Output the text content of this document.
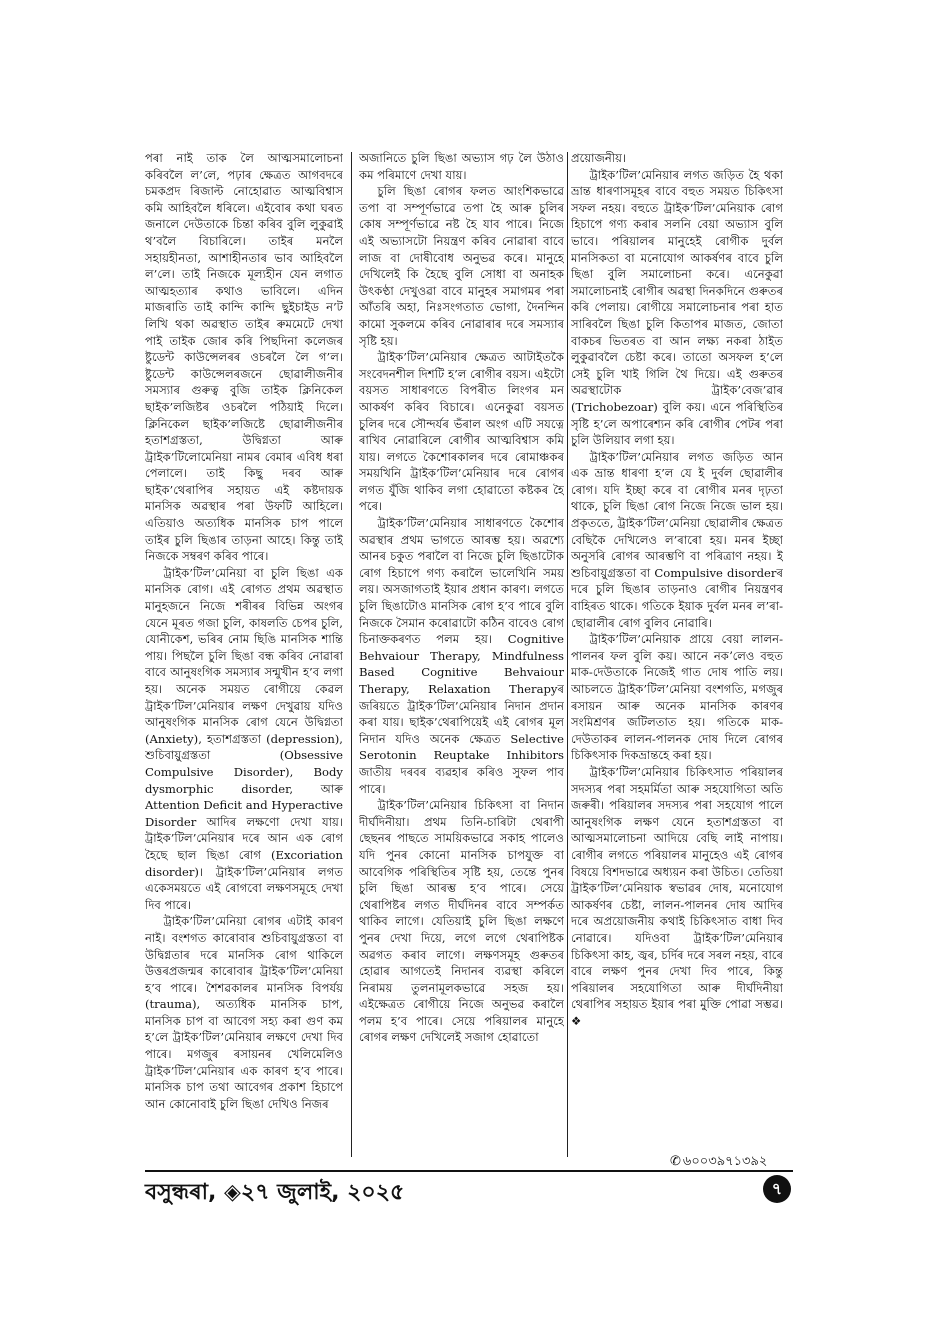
পৰা নাই তাক লৈ আত্মসমালোচনা কৰিবলৈ ল’লে, পঢ়াৰ ক্ষেত্ৰত আগবদৰে চমকপ্ৰদ ৰিজাল্ট নোহোৱাত আত্মবিশ্বাস কমি আহিবলৈ ধৰিলে। এইবোৰ কথা ঘৰত জনালে দেউতাকে চিন্তা কৰিব বুলি লুকুৱাই থ’বলৈ বিচাৰিলে। তাইৰ মনলৈ সহায়হীনতা, আশাহীনতাৰ ভাব আহিবলৈ ল’লে। তাই নিজকে মূল্যহীন যেন লগাত আত্মহত্যাৰ কথাও ভাবিলে। এদিন মাজৰাতি তাই কান্দি কান্দি ছুইচাইড ন’ট লিখি থকা অৱস্থাত তাইৰ ৰুমমেটে দেখা পাই তাইক জোৰ কৰি পিছদিনা কলেজৰ ষ্টুডেন্ট কাউন্সেলৰৰ ওচৰলৈ লৈ গ’ল। ষ্টুডেন্ট কাউন্সেলৰজনে ছোৱালীজনীৰ সমস্যাৰ গুৰুত্ব বুজি তাইক ক্লিনিকেল ছাইক’লজিষ্টৰ ওচৰলৈ পঠিয়াই দিলে। ক্লিনিকেল ছাইক’লজিষ্টে ছোৱালীজনীৰ হতাশগ্ৰস্ততা, উদ্বিগ্নতা আৰু ট্ৰাইক’টিলোমেনিয়া নামৰ বেমাৰ এবিধ ধৰা পেলালে। তাই কিছু দৰব আৰু ছাইক’থেৰাপিৰ সহায়ত এই কষ্টদায়ক মানসিক অৱস্থাৰ পৰা উফটি আহিলে। এতিয়াও অত্যধিক মানসিক চাপ পালে তাইৰ চুলি ছিঙাৰ তাড়না আহে। কিন্তু তাই নিজকে সম্বৰণ কৰিব পাৰে।

ট্ৰাইক’টিল’মেনিয়া বা চুলি ছিঙা এক মানসিক ৰোগ। এই ৰোগত প্ৰথম অৱস্থাত মানুহজনে নিজে শৰীৰৰ বিভিন্ন অংগৰ যেনে মূৰত গজা চুলি, কাষলতি চেপৰ চুলি, যোনীকেশ, ভৰিৰ নোম ছিঙি মানসিক শান্তি পায়। পিছলৈ চুলি ছিঙা বন্ধ কৰিব নোৱাৰা বাবে আনুষংগিক সমস্যাৰ সন্মুখীন হ’ব লগা হয়। অনেক সময়ত ৰোগীয়ে কেৱল ট্ৰাইক’টিল’মেনিয়াৰ লক্ষণ দেখুৱায় যদিও আনুষংগিক মানসিক ৰোগ যেনে উদ্বিগ্নতা (Anxiety), হতাশগ্ৰস্ততা (depression), শুচিবায়ুগ্ৰস্ততা (Obsessive Compulsive Disorder), Body dysmorphic disorder, আৰু Attention Deficit and Hyperactive Disorder আদিৰ লক্ষণো দেখা যায়। ট্ৰাইক’টিল’মেনিয়াৰ দৰে আন এক ৰোগ হৈছে ছাল ছিঙা ৰোগ (Excoriation disorder)। ট্ৰাইক’টিল’মেনিয়াৰ লগত একেসময়তে এই ৰোগবো লক্ষণসমূহে দেখা দিব পাৰে।

ট্ৰাইক’টিল’মেনিয়া ৰোগৰ এটাই কাৰণ নাই। বংশগত কাৰোবাৰ শুচিবায়ুগ্ৰস্ততা বা উদ্বিগ্নতাৰ দৰে মানসিক ৰোগ থাকিলে উত্তৰপ্ৰজন্মৰ কাৰোবাৰ ট্ৰাইক’টিল’মেনিয়া হ’ব পাৰে। শৈশৱকালৰ মানসিক বিপৰ্যয় (trauma), অত্যধিক মানসিক চাপ, মানসিক চাপ বা আবেগ সহ্য কৰা গুণ কম হ’লে ট্ৰাইক’টিল’মেনিয়াৰ লক্ষণে দেখা দিব পাৰে। মগজুৰ ৰসায়নৰ খেলিমেলিও ট্ৰাইক’টিল’মেনিয়াৰ এক কাৰণ হ’ব পাৰে। মানসিক চাপ তথা আবেগৰ প্ৰকাশ হিচাপে আন কোনোবাই চুলি ছিঙা দেখিও নিজৰ

অজানিতে চুলি ছিঙা অভ্যাস গঢ় লৈ উঠাও কম পৰিমাণে দেখা যায়।

চুলি ছিঙা ৰোগৰ ফলত আংশিকভাৱে তপা বা সম্পূৰ্ণভাৱে তপা হৈ আৰু চুলিৰ কোষ সম্পূৰ্ণভাৱে নষ্ট হৈ যাব পাৰে। নিজে এই অভ্যাসটো নিয়ন্ত্ৰণ কৰিব নোৱাৰা বাবে লাজ বা দোষীবোধ অনুভৱ কৰে। মানুহে দেখিলেই কি হৈছে বুলি সোধা বা অনাহক উৎকণ্ঠা দেখুওৱা বাবে মানুহৰ সমাগমৰ পৰা আঁতৰি অহা, নিঃসংগতাত ভোগা, দৈনন্দিন কামো সুকলমে কৰিব নোৱাৰাৰ দৰে সমস্যাৰ সৃষ্টি হয়।

ট্ৰাইক’টিল’মেনিয়াৰ ক্ষেত্ৰত আটাইতকৈ সংবেদনশীল দিশটি হ’ল ৰোগীৰ বয়স। এইটো বয়সত সাধাৰণতে বিপৰীত লিংগৰ মন আকৰ্ষণ কৰিব বিচাৰে। এনেকুৱা বয়সত চুলিৰ দৰে সৌন্দৰ্যৰ ভঁৰাল অংগ এটি সযত্নে ৰাখিব নোৱাৰিলে ৰোগীৰ আত্মবিশ্বাস কমি যায়। লগতে কৈশোৰকালৰ দৰে ৰোমাঞ্চকৰ সময়খিনি ট্ৰাইক’টিল’মেনিয়াৰ দৰে ৰোগৰ লগত যুঁজি থাকিব লগা হোৱাতো কষ্টকৰ হৈ পৰে।

ট্ৰাইক’টিল’মেনিয়াৰ সাধাৰণতে কৈশোৰ অৱস্থাৰ প্ৰথম ভাগতে আৰম্ভ হয়। অৱশ্যে আনৰ চকুত পৰালৈ বা নিজে চুলি ছিঙাটোক ৰোগ হিচাপে গণ্য কৰালৈ ভালেখিনি সময় লয়। অসজাগতাই ইয়াৰ প্ৰধান কাৰণ। লগতে চুলি ছিঙাটোও মানসিক ৰোগ হ’ব পাৰে বুলি নিজকে সৈমান কৰোৱাটো কঠিন বাবেও ৰোগ চিনাক্তকৰণত পলম হয়। Cognitive Behvaiour Therapy, Mindfulness Based Cognitive Behvaiour Therapy, Relaxation Therapyৰ জৰিয়তে ট্ৰাইক’টিল’মেনিয়াৰ নিদান প্ৰদান কৰা যায়। ছাইক’থেৰাপিয়েই এই ৰোগৰ মূল নিদান যদিও অনেক ক্ষেত্ৰত Selective Serotonin Reuptake Inhibitors জাতীয় দৰবৰ ব্যৱহাৰ কৰিও সুফল পাব পাৰে।

ট্ৰাইক’টিল’মেনিয়াৰ চিকিৎসা বা নিদান দীৰ্ঘদিনীয়া। প্ৰথম তিনি-চাৰিটা থেৰাপী ছেছনৰ পাছতে সাময়িকভাৱে সকাহ পালেও যদি পুনৰ কোনো মানসিক চাপযুক্ত বা আবেগিক পৰিস্থিতিৰ সৃষ্টি হয়, তেন্তে পুনৰ চুলি ছিঙা আৰম্ভ হ’ব পাৰে। সেয়ে থেৰাপিষ্টৰ লগত দীৰ্ঘদিনৰ বাবে সম্পৰ্কত থাকিব লাগে। যেতিয়াই চুলি ছিঙা লক্ষণে পুনৰ দেখা দিয়ে, লগে লগে থেৰাপিষ্টক অৱগত কৰাব লাগে। লক্ষণসমূহ গুৰুতৰ হোৱাৰ আগতেই নিদানৰ ব্যৱস্থা কৰিলে নিৰাময় তুলনামূলকভাৱে সহজ হয়। এইক্ষেত্ৰত ৰোগীয়ে নিজে অনুভৱ কৰালৈ পলম হ’ব পাৰে। সেয়ে পৰিয়ালৰ মানুহে ৰোগৰ লক্ষণ দেখিলেই সজাগ হোৱাতো

প্ৰয়োজনীয়।

ট্ৰাইক’টিল’মেনিয়াৰ লগত জড়িত হৈ থকা ভ্ৰান্ত ধাৰণাসমূহৰ বাবে বহুত সময়ত চিকিৎসা সফল নহয়। বহুতে ট্ৰাইক’টিল’মেনিয়াক ৰোগ হিচাপে গণ্য কৰাৰ সলনি বেয়া অভ্যাস বুলি ভাবে। পৰিয়ালৰ মানুহেই ৰোগীক দুৰ্বল মানসিকতা বা মনোযোগ আকৰ্ষণৰ বাবে চুলি ছিঙা বুলি সমালোচনা কৰে। এনেকুৱা সমালোচনাই ৰোগীৰ অৱস্থা দিনকদিনে গুৰুতৰ কৰি পেলায়। ৰোগীয়ে সমালোচনাৰ পৰা হাত সাৰিবলৈ ছিঙা চুলি কিতাপৰ মাজত, জোতা বাকচৰ ভিতৰত বা আন লক্ষ্য নকৰা ঠাইত লুকুৱাবলৈ চেষ্টা কৰে। তাতো অসফল হ’লে সেই চুলি খাই গিলি থৈ দিয়ে। এই গুৰুতৰ অৱস্থাটোক ট্ৰাইক’বেজ’ৱাৰ (Trichobezoar) বুলি কয়। এনে পৰিস্থিতিৰ সৃষ্টি হ’লে অপাৰেশ্যন কৰি ৰোগীৰ পেটৰ পৰা চুলি উলিয়াব লগা হয়।

ট্ৰাইক’টিল’মেনিয়াৰ লগত জড়িত আন এক ভ্ৰান্ত ধাৰণা হ’ল যে ই দুৰ্বল ছোৱালীৰ ৰোগ। যদি ইচ্ছা কৰে বা ৰোগীৰ মনৰ দৃঢ়তা থাকে, চুলি ছিঙা ৰোগ নিজে নিজে ভাল হয়। প্ৰকৃততে, ট্ৰাইক’টিল’মেনিয়া ছোৱালীৰ ক্ষেত্ৰত বেছিকৈ দেখিলেও ল’ৰাৰো হয়। মনৰ ইচ্ছা অনুসৰি ৰোগৰ আৰম্ভণি বা পৰিত্ৰাণ নহয়। ই শুচিবায়ুগ্ৰস্ততা বা Compulsive disorderৰ দৰে চুলি ছিঙাৰ তাড়নাও ৰোগীৰ নিয়ন্ত্ৰণৰ বাহিৰত থাকে। গতিকে ইয়াক দুৰ্বল মনৰ ল’ৰা-ছোৱালীৰ ৰোগ বুলিব নোৱাৰি।

ট্ৰাইক’টিল’মেনিয়াক প্ৰায়ে বেয়া লালন-পালনৰ ফল বুলি কয়। আনে নকʼলেও বহুত মাক-দেউতাকে নিজেই গাত দোষ পাতি লয়। আচলতে ট্ৰাইক’টিল’মেনিয়া বংশগতি, মগজুৰ ৰসায়ন আৰু অনেক মানসিক কাৰণৰ সংমিশ্ৰণৰ জটিলতাত হয়। গতিকে মাক-দেউতাকৰ লালন-পালনক দোষ দিলে ৰোগৰ চিকিৎসাক দিকভ্ৰান্তহে কৰা হয়।

ট্ৰাইক’টিল’মেনিয়াৰ চিকিৎসাত পৰিয়ালৰ সদস্যৰ পৰা সহমৰ্মিতা আৰু সহযোগিতা অতি জৰুৰী। পৰিয়ালৰ সদস্যৰ পৰা সহযোগ পালে আনুষংগিক লক্ষণ যেনে হতাশগ্ৰস্ততা বা আত্মসমালোচনা আদিয়ে বেছি লাই নাপায়। ৰোগীৰ লগতে পৰিয়ালৰ মানুহেও এই ৰোগৰ বিষয়ে বিশদভাৱে অধ্যয়ন কৰা উচিত। তেতিয়া ট্ৰাইক’টিল’মেনিয়াক স্বভাৱৰ দোষ, মনোযোগ আকৰ্ষণৰ চেষ্টা, লালন-পালনৰ দোষ আদিৰ দৰে অপ্ৰয়োজনীয় কথাই চিকিৎসাত বাধা দিব নোৱাৰে। যদিওবা ট্ৰাইক’টিল’মেনিয়াৰ চিকিৎসা কাহ, জ্বৰ, চৰ্দিৰ দৰে সৰল নহয়, বাৰে বাৰে লক্ষণ পুনৰ দেখা দিব পাৰে, কিন্তু পৰিয়ালৰ সহযোগিতা আৰু দীৰ্ঘদিনীয়া থেৰাপিৰ সহায়ত ইয়াৰ পৰা মুক্তি পোৱা সম্ভৱ। ❖

✆ ৬০০৩৯৭১৩৯২
বসুন্ধৰা, ◈২৭ জুলাই, ২০২৫	৭
